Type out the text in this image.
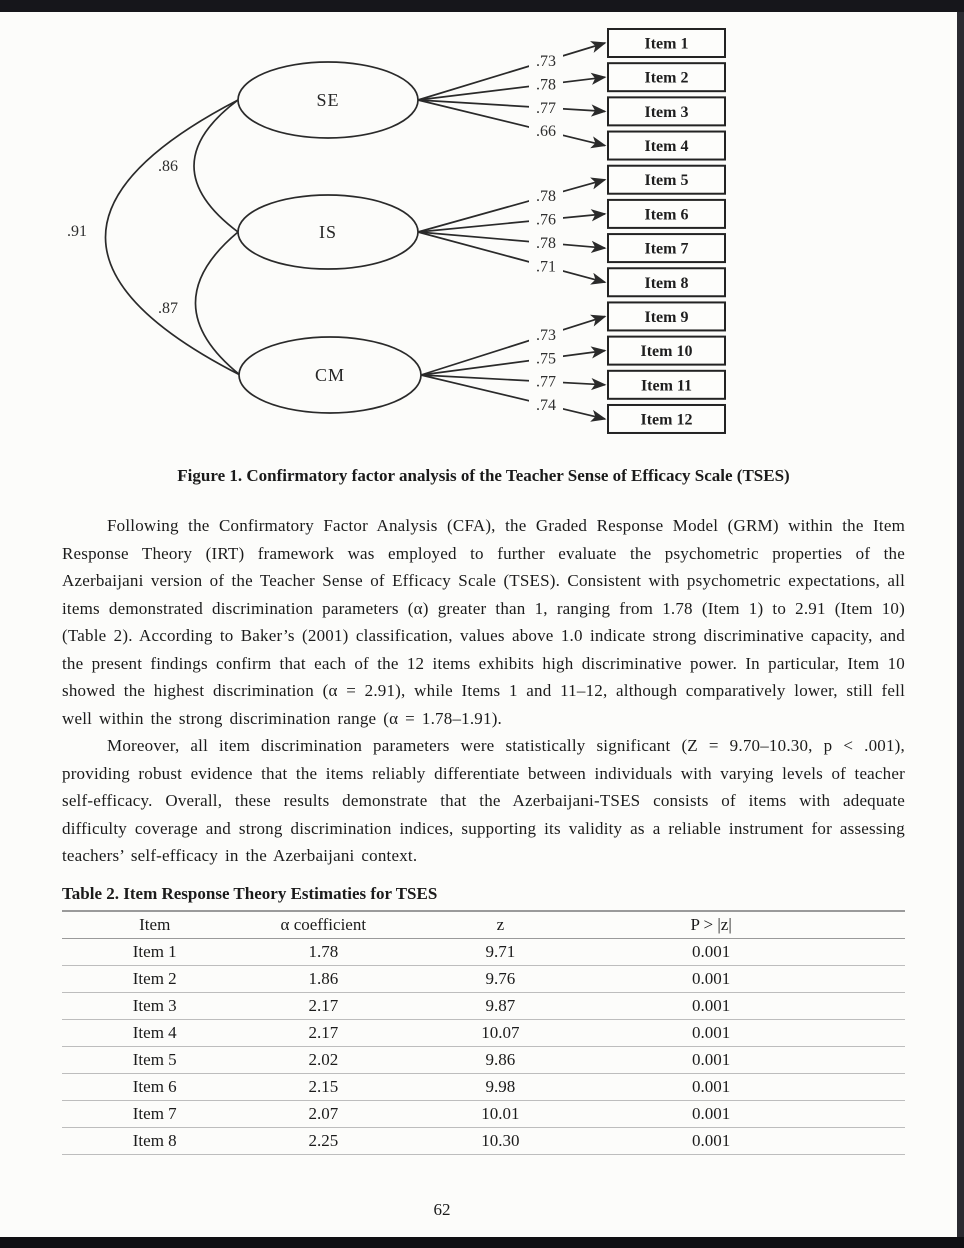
SE
IS
CM
.73
.78
.77
.66
.78
.76
.78
.71
.73
.75
.77
.74
Item 1
Item 2
Item 3
Item 4
Item 5
Item 6
Item 7
Item 8
Item 9
Item 10
Item 11
Item 12
.86
.87
.91
Figure 1. Confirmatory factor analysis of the Teacher Sense of Efficacy Scale (TSES)

Following the Confirmatory Factor Analysis (CFA), the Graded Response Model (GRM) within the Item Response Theory (IRT) framework was employed to further evaluate the psychometric properties of the Azerbaijani version of the Teacher Sense of Efficacy Scale (TSES). Consistent with psychometric expectations, all items demonstrated discrimination parameters (α) greater than 1, ranging from 1.78 (Item 1) to 2.91 (Item 10) (Table 2). According to Baker’s (2001) classification, values above 1.0 indicate strong discriminative capacity, and the present findings confirm that each of the 12 items exhibits high discriminative power. In particular, Item 10 showed the highest discrimination (α = 2.91), while Items 1 and 11–12, although comparatively lower, still fell well within the strong discrimination range (α = 1.78–1.91).

Moreover, all item discrimination parameters were statistically significant (Z = 9.70–10.30, p < .001), providing robust evidence that the items reliably differentiate between individuals with varying levels of teacher self-efficacy. Overall, these results demonstrate that the Azerbaijani-TSES consists of items with adequate difficulty coverage and strong discrimination indices, supporting its validity as a reliable instrument for assessing teachers’ self-efficacy in the Azerbaijani context.

Table 2. Item Response Theory Estimaties for TSES

Item	α coefficient	z	P > |z|	
Item 1	1.78	9.71	0.001	
Item 2	1.86	9.76	0.001	
Item 3	2.17	9.87	0.001	
Item 4	2.17	10.07	0.001	
Item 5	2.02	9.86	0.001	
Item 6	2.15	9.98	0.001	
Item 7	2.07	10.01	0.001	
Item 8	2.25	10.30	0.001	
62
